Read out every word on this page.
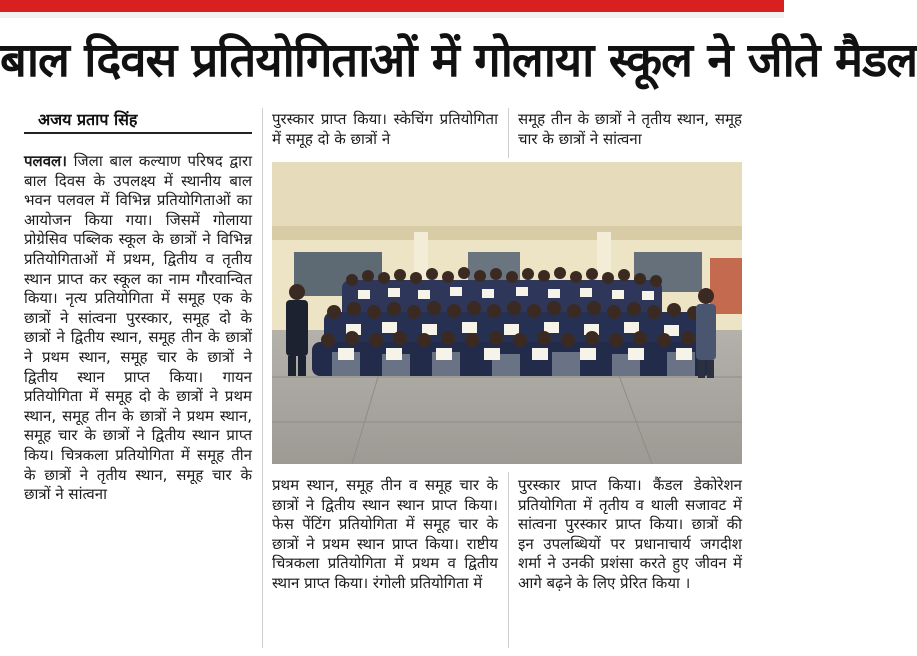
बाल दिवस प्रतियोगिताओं में गोलाया स्कूल ने जीते मैडल
अजय प्रताप सिंह

पलवल। जिला बाल कल्याण परिषद द्वारा बाल दिवस के उपलक्ष्य में स्थानीय बाल भवन पलवल में विभिन्न प्रतियोगिताओं का आयोजन किया गया। जिसमें गोलाया प्रोग्रेसिव पब्लिक स्कूल के छात्रों ने विभिन्न प्रतियोगिताओं में प्रथम, द्वितीय व तृतीय स्थान प्राप्त कर स्कूल का नाम गौरवान्वित किया। नृत्य प्रतियोगिता में समूह एक के छात्रों ने सांत्वना पुरस्कार, समूह दो के छात्रों ने द्वितीय स्थान, समूह तीन के छात्रों ने प्रथम स्थान, समूह चार के छात्रों ने द्वितीय स्थान प्राप्त किया। गायन प्रतियोगिता में समूह दो के छात्रों ने प्रथम स्थान, समूह तीन के छात्रों ने प्रथम स्थान, समूह चार के छात्रों ने द्वितीय स्थान प्राप्त किय। चित्रकला प्रतियोगिता में समूह तीन के छात्रों ने तृतीय स्थान, समूह चार के छात्रों ने सांत्वना

पुरस्कार प्राप्त किया। स्केचिंग प्रतियोगिता में समूह दो के छात्रों ने

समूह तीन के छात्रों ने तृतीय स्थान, समूह चार के छात्रों ने सांत्वना

प्रथम स्थान, समूह तीन व समूह चार के छात्रों ने द्वितीय स्थान स्थान प्राप्त किया। फेस पेंटिंग प्रतियोगिता में समूह चार के छात्रों ने प्रथम स्थान प्राप्त किया। राष्टीय चित्रकला प्रतियोगिता में प्रथम व द्वितीय स्थान प्राप्त किया। रंगोली प्रतियोगिता में

पुरस्कार प्राप्त किया। कैंडल डेकोरेशन प्रतियोगिता में तृतीय व थाली सजावट में सांत्वना पुरस्कार प्राप्त किया। छात्रों की इन उपलब्धियों पर प्रधानाचार्य जगदीश शर्मा ने उनकी प्रशंसा करते हुए जीवन में आगे बढ़ने के लिए प्रेरित किया ।
